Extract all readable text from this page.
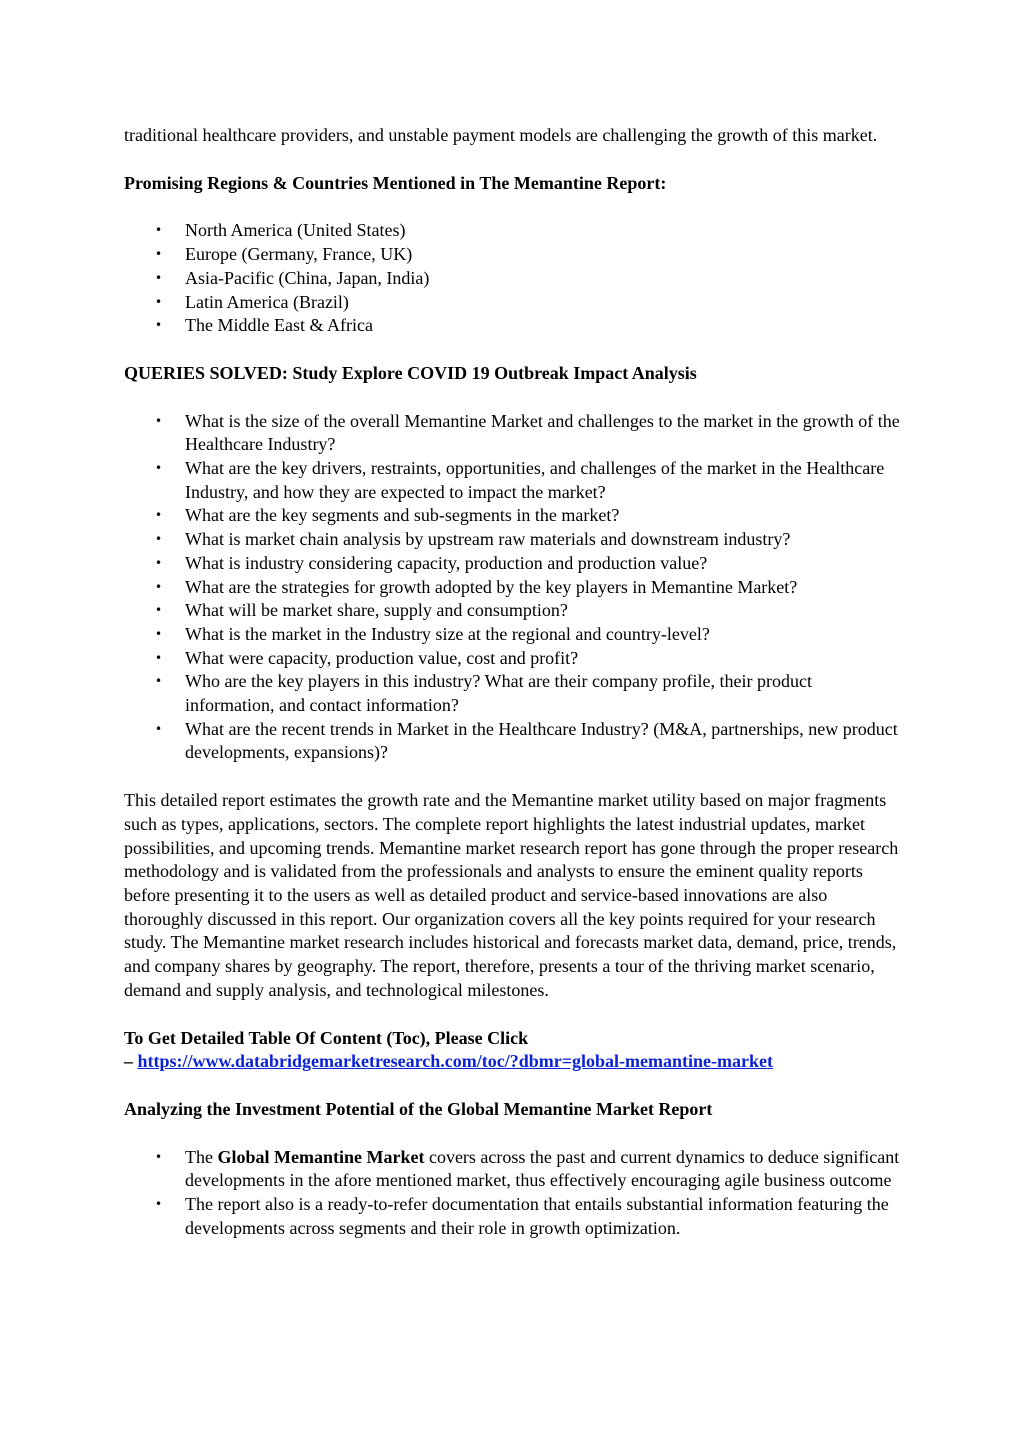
traditional healthcare providers, and unstable payment models are challenging the growth of this market.

Promising Regions & Countries Mentioned in The Memantine Report:

• North America (United States)
• Europe (Germany, France, UK)
• Asia-Pacific (China, Japan, India)
• Latin America (Brazil)
• The Middle East & Africa

QUERIES SOLVED: Study Explore COVID 19 Outbreak Impact Analysis

• What is the size of the overall Memantine Market and challenges to the market in the growth of the Healthcare Industry?
• What are the key drivers, restraints, opportunities, and challenges of the market in the Healthcare Industry, and how they are expected to impact the market?
• What are the key segments and sub-segments in the market?
• What is market chain analysis by upstream raw materials and downstream industry?
• What is industry considering capacity, production and production value?
• What are the strategies for growth adopted by the key players in Memantine Market?
• What will be market share, supply and consumption?
• What is the market in the Industry size at the regional and country-level?
• What were capacity, production value, cost and profit?
• Who are the key players in this industry? What are their company profile, their product information, and contact information?
• What are the recent trends in Market in the Healthcare Industry? (M&A, partnerships, new product developments, expansions)?

This detailed report estimates the growth rate and the Memantine market utility based on major fragments such as types, applications, sectors. The complete report highlights the latest industrial updates, market possibilities, and upcoming trends. Memantine market research report has gone through the proper research methodology and is validated from the professionals and analysts to ensure the eminent quality reports before presenting it to the users as well as detailed product and service-based innovations are also thoroughly discussed in this report. Our organization covers all the key points required for your research study. The Memantine market research includes historical and forecasts market data, demand, price, trends, and company shares by geography. The report, therefore, presents a tour of the thriving market scenario, demand and supply analysis, and technological milestones.

To Get Detailed Table Of Content (Toc), Please Click

– https://www.databridgemarketresearch.com/toc/?dbmr=global-memantine-market

Analyzing the Investment Potential of the Global Memantine Market Report

• The Global Memantine Market covers across the past and current dynamics to deduce significant developments in the afore mentioned market, thus effectively encouraging agile business outcome
• The report also is a ready-to-refer documentation that entails substantial information featuring the developments across segments and their role in growth optimization.
